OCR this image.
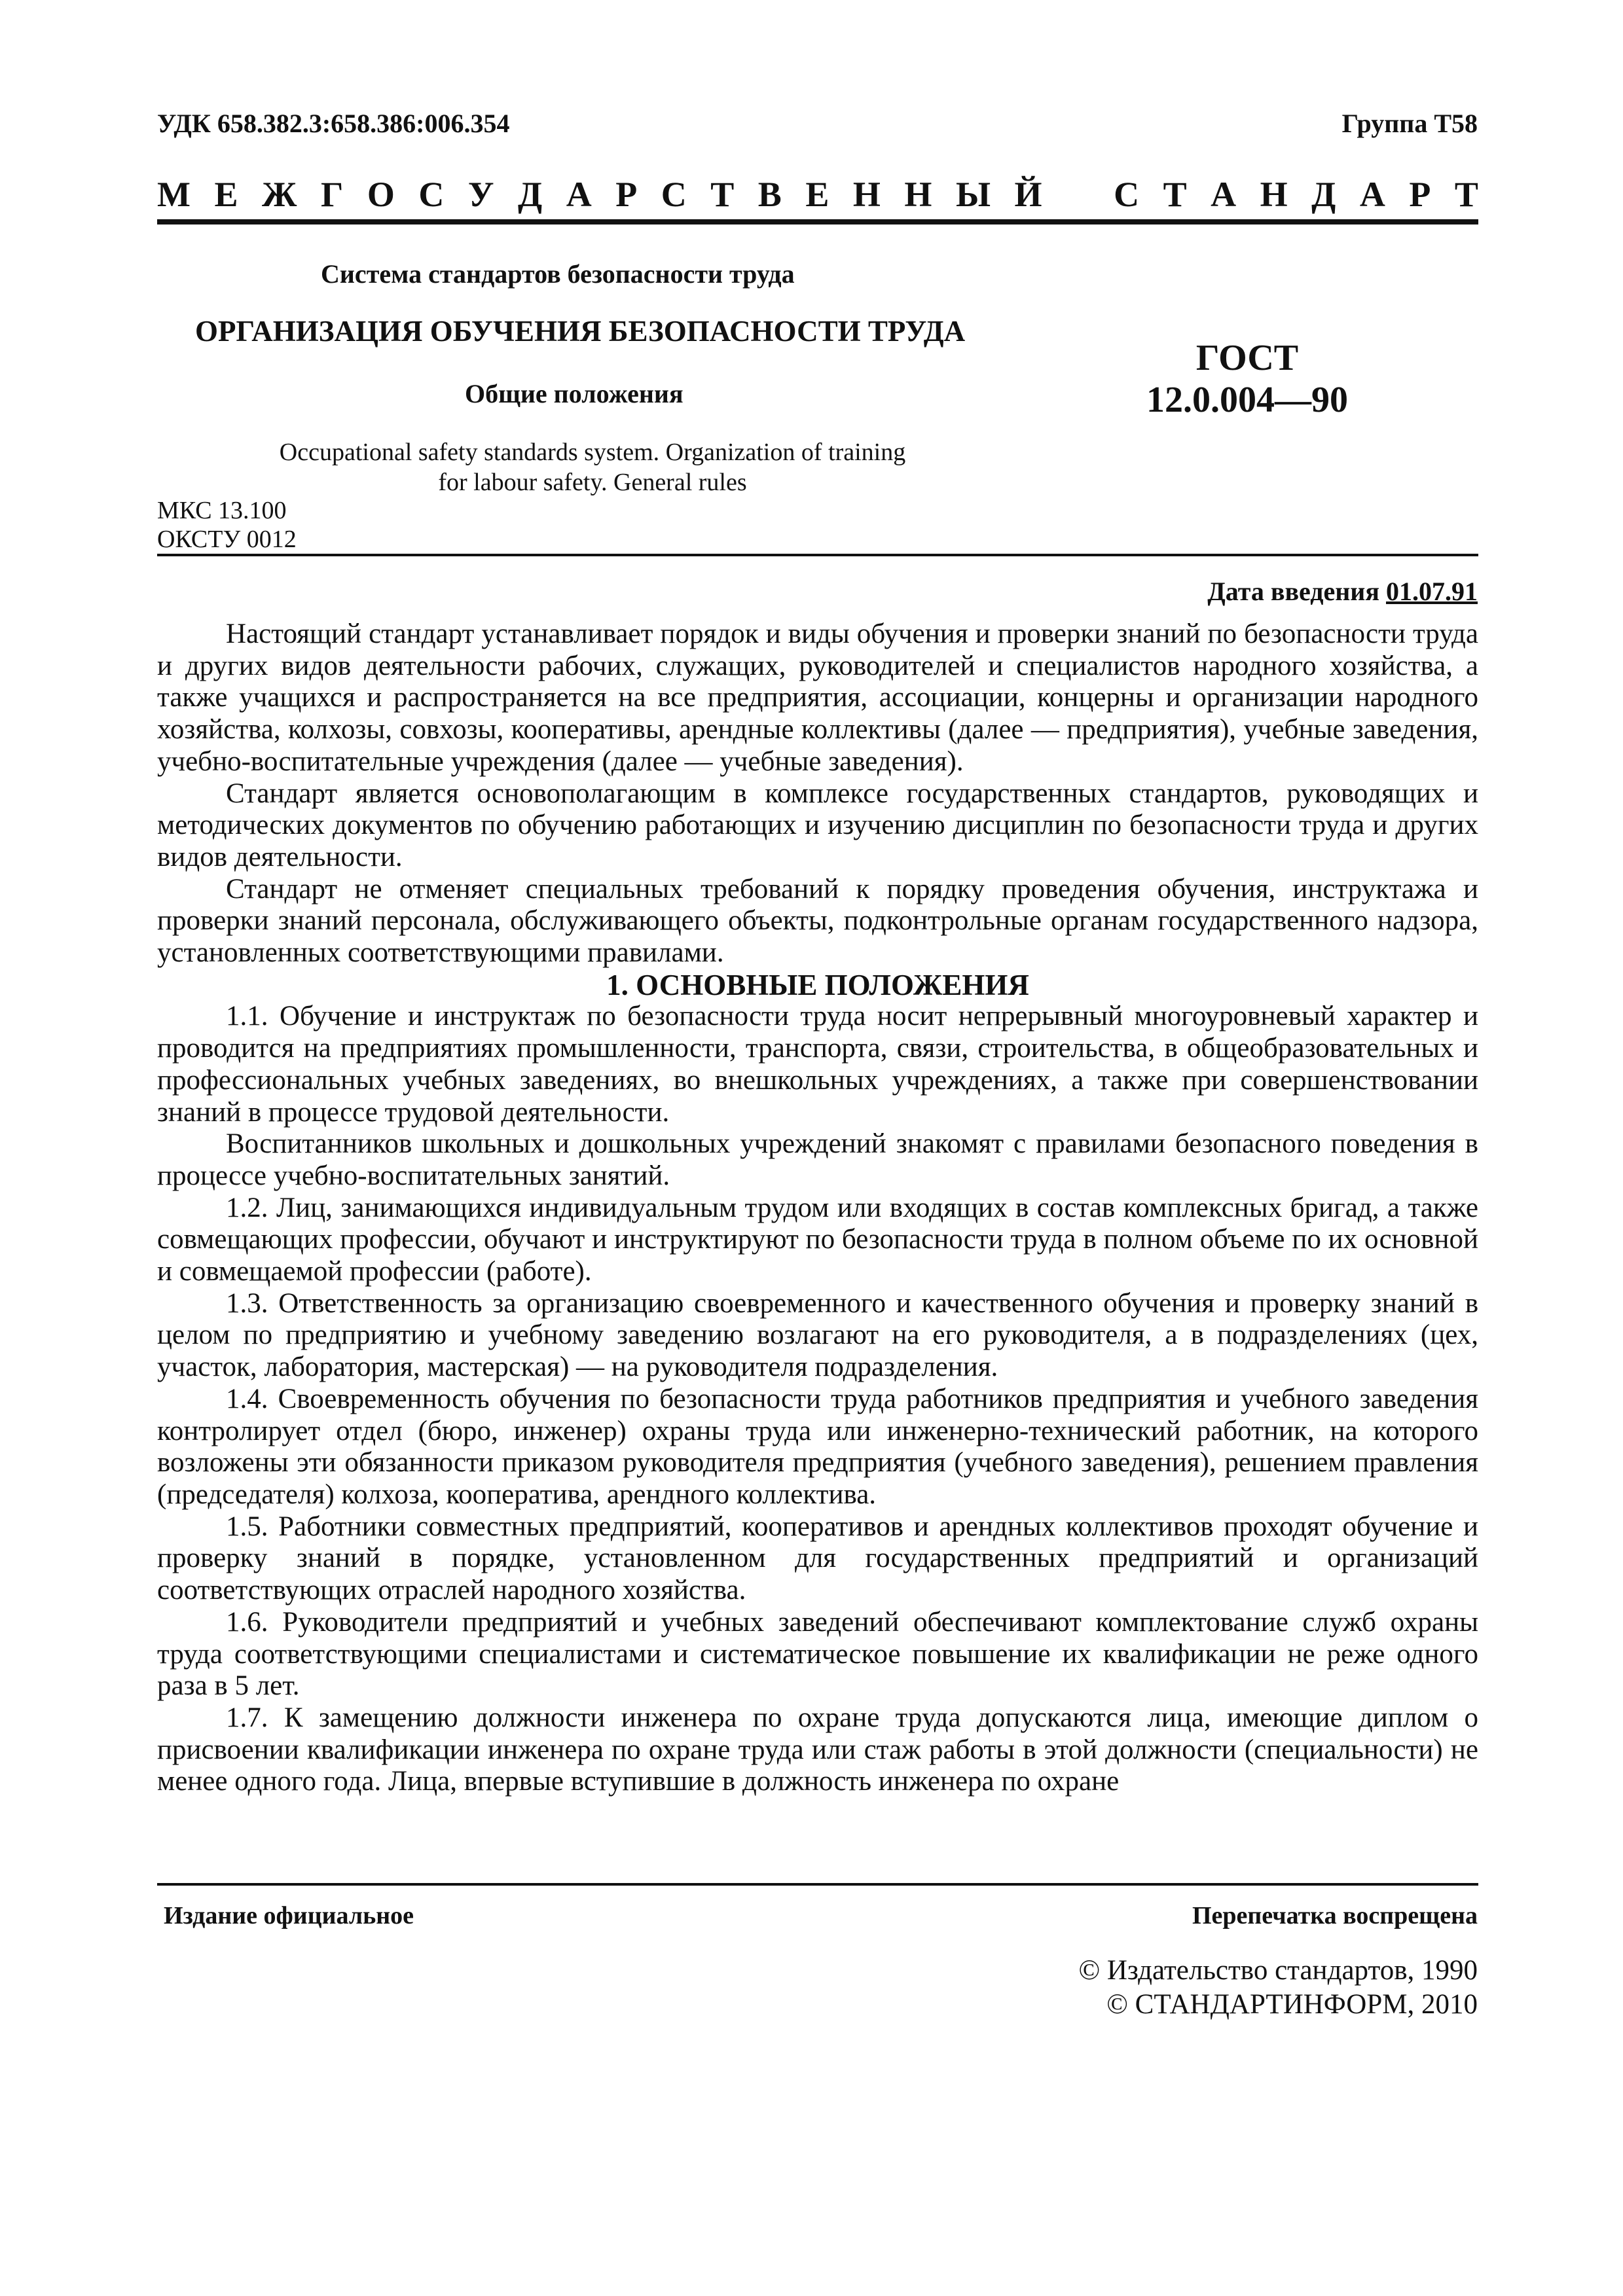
УДК 658.382.3:658.386:006.354	Группа Т58
М Е Ж Г О С У Д А Р С Т В Е Н Н Ы Й С Т А Н Д А Р Т
Система стандартов безопасности труда
ОРГАНИЗАЦИЯ ОБУЧЕНИЯ БЕЗОПАСНОСТИ ТРУДА
Общие положения
ГОСТ
12.0.004—90
Occupational safety standards system. Organization of training
for labour safety. General rules
МКС 13.100
ОКСТУ 0012
Дата введения 01.07.91

Настоящий стандарт устанавливает порядок и виды обучения и проверки знаний по безопасности труда и других видов деятельности рабочих, служащих, руководителей и специалистов народного хозяйства, а также учащихся и распространяется на все предприятия, ассоциации, концерны и организации народного хозяйства, колхозы, совхозы, кооперативы, арендные коллективы (далее — предприятия), учебные заведения, учебно-воспитательные учреждения (далее — учебные заведения).

Стандарт является основополагающим в комплексе государственных стандартов, руководящих и методических документов по обучению работающих и изучению дисциплин по безопасности труда и других видов деятельности.

Стандарт не отменяет специальных требований к порядку проведения обучения, инструктажа и проверки знаний персонала, обслуживающего объекты, подконтрольные органам государственного надзора, установленных соответствующими правилами.

1. ОСНОВНЫЕ ПОЛОЖЕНИЯ

1.1. Обучение и инструктаж по безопасности труда носит непрерывный многоуровневый характер и проводится на предприятиях промышленности, транспорта, связи, строительства, в общеобразовательных и профессиональных учебных заведениях, во внешкольных учреждениях, а также при совершенствовании знаний в процессе трудовой деятельности.

Воспитанников школьных и дошкольных учреждений знакомят с правилами безопасного поведения в процессе учебно-воспитательных занятий.

1.2. Лиц, занимающихся индивидуальным трудом или входящих в состав комплексных бригад, а также совмещающих профессии, обучают и инструктируют по безопасности труда в полном объеме по их основной и совмещаемой профессии (работе).

1.3. Ответственность за организацию своевременного и качественного обучения и проверку знаний в целом по предприятию и учебному заведению возлагают на его руководителя, а в подразделениях (цех, участок, лаборатория, мастерская) — на руководителя подразделения.

1.4. Своевременность обучения по безопасности труда работников предприятия и учебного заведения контролирует отдел (бюро, инженер) охраны труда или инженерно-технический работник, на которого возложены эти обязанности приказом руководителя предприятия (учебного заведения), решением правления (председателя) колхоза, кооператива, арендного коллектива.

1.5. Работники совместных предприятий, кооперативов и арендных коллективов проходят обучение и проверку знаний в порядке, установленном для государственных предприятий и организаций соответствующих отраслей народного хозяйства.

1.6. Руководители предприятий и учебных заведений обеспечивают комплектование служб охраны труда соответствующими специалистами и систематическое повышение их квалификации не реже одного раза в 5 лет.

1.7. К замещению должности инженера по охране труда допускаются лица, имеющие диплом о присвоении квалификации инженера по охране труда или стаж работы в этой должности (специальности) не менее одного года. Лица, впервые вступившие в должность инженера по охране

Издание официальное	Перепечатка воспрещена
© Издательство стандартов, 1990
© СТАНДАРТИНФОРМ, 2010
